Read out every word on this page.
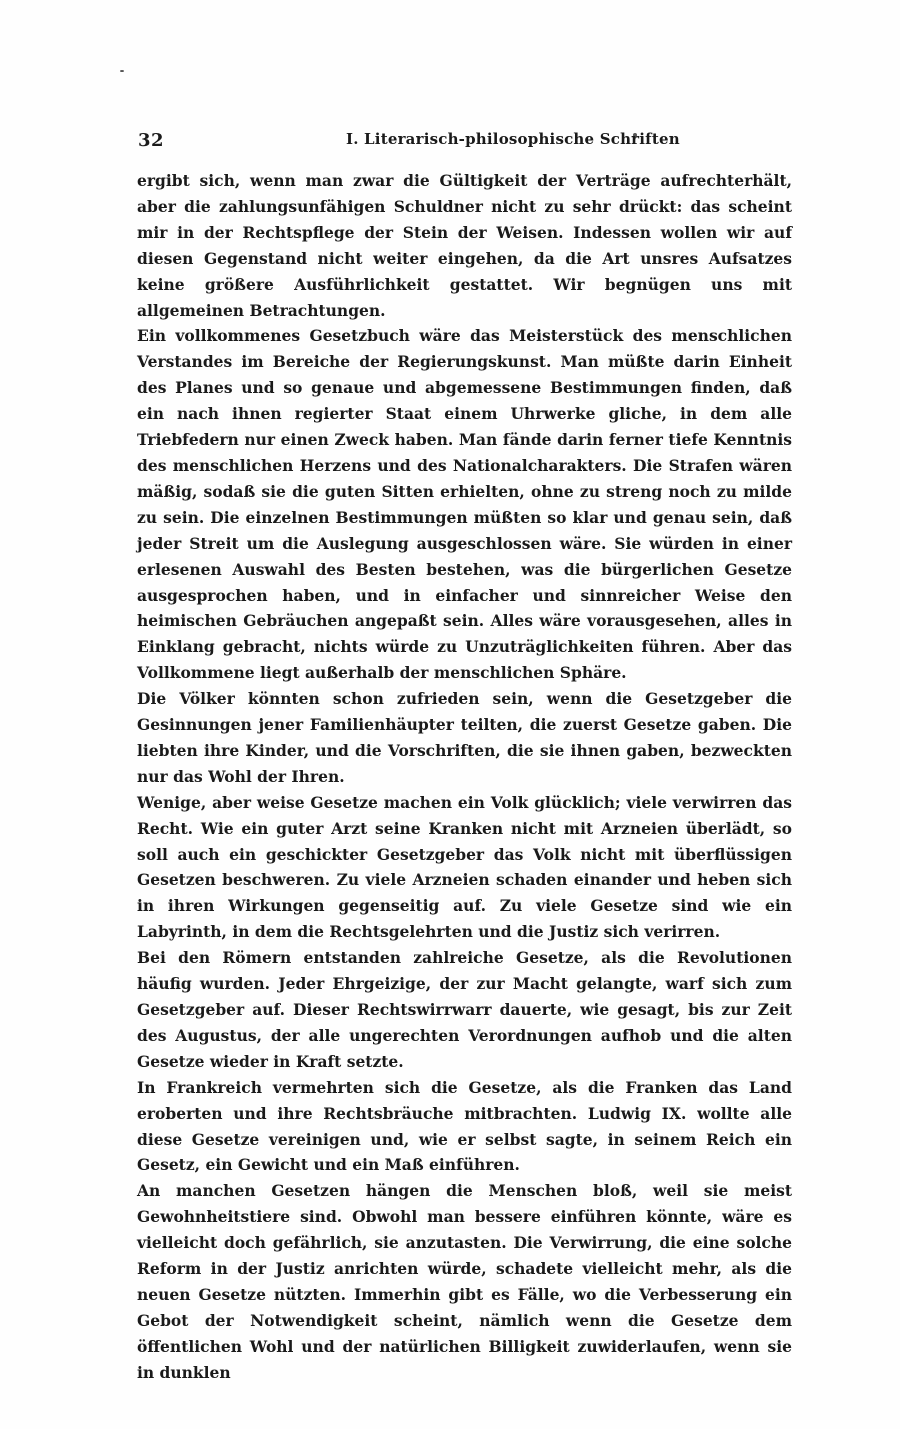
32	I. Literarisch-philosophische Schriften

ergibt sich, wenn man zwar die Gültigkeit der Verträge aufrechterhält, aber die zahlungsunfähigen Schuldner nicht zu sehr drückt: das scheint mir in der Rechtspflege der Stein der Weisen. Indessen wollen wir auf diesen Gegenstand nicht weiter eingehen, da die Art unsres Aufsatzes keine größere Ausführlichkeit gestattet. Wir begnügen uns mit allgemeinen Betrachtungen.

Ein vollkommenes Gesetzbuch wäre das Meisterstück des menschlichen Verstandes im Bereiche der Regierungskunst. Man müßte darin Einheit des Planes und so genaue und abgemessene Bestimmungen finden, daß ein nach ihnen regierter Staat einem Uhrwerke gliche, in dem alle Triebfedern nur einen Zweck haben. Man fände darin ferner tiefe Kenntnis des menschlichen Herzens und des Nationalcharakters. Die Strafen wären mäßig, sodaß sie die guten Sitten erhielten, ohne zu streng noch zu milde zu sein. Die einzelnen Bestimmungen müßten so klar und genau sein, daß jeder Streit um die Auslegung ausgeschlossen wäre. Sie würden in einer erlesenen Auswahl des Besten bestehen, was die bürgerlichen Gesetze ausgesprochen haben, und in einfacher und sinnreicher Weise den heimischen Gebräuchen angepaßt sein. Alles wäre vorausgesehen, alles in Einklang gebracht, nichts würde zu Unzuträglichkeiten führen. Aber das Vollkommene liegt außerhalb der menschlichen Sphäre.

Die Völker könnten schon zufrieden sein, wenn die Gesetzgeber die Gesinnungen jener Familienhäupter teilten, die zuerst Gesetze gaben. Die liebten ihre Kinder, und die Vorschriften, die sie ihnen gaben, bezweckten nur das Wohl der Ihren.

Wenige, aber weise Gesetze machen ein Volk glücklich; viele verwirren das Recht. Wie ein guter Arzt seine Kranken nicht mit Arzneien überlädt, so soll auch ein geschickter Gesetzgeber das Volk nicht mit überflüssigen Gesetzen beschweren. Zu viele Arzneien schaden einander und heben sich in ihren Wirkungen gegenseitig auf. Zu viele Gesetze sind wie ein Labyrinth, in dem die Rechtsgelehrten und die Justiz sich verirren.

Bei den Römern entstanden zahlreiche Gesetze, als die Revolutionen häufig wurden. Jeder Ehrgeizige, der zur Macht gelangte, warf sich zum Gesetzgeber auf. Dieser Rechtswirrwarr dauerte, wie gesagt, bis zur Zeit des Augustus, der alle ungerechten Verordnungen aufhob und die alten Gesetze wieder in Kraft setzte.

In Frankreich vermehrten sich die Gesetze, als die Franken das Land eroberten und ihre Rechtsbräuche mitbrachten. Ludwig IX. wollte alle diese Gesetze vereinigen und, wie er selbst sagte, in seinem Reich ein Gesetz, ein Gewicht und ein Maß einführen.

An manchen Gesetzen hängen die Menschen bloß, weil sie meist Gewohnheitstiere sind. Obwohl man bessere einführen könnte, wäre es vielleicht doch gefährlich, sie anzutasten. Die Verwirrung, die eine solche Reform in der Justiz anrichten würde, schadete vielleicht mehr, als die neuen Gesetze nützten. Immerhin gibt es Fälle, wo die Verbesserung ein Gebot der Notwendigkeit scheint, nämlich wenn die Gesetze dem öffentlichen Wohl und der natürlichen Billigkeit zuwiderlaufen, wenn sie in dunklen
